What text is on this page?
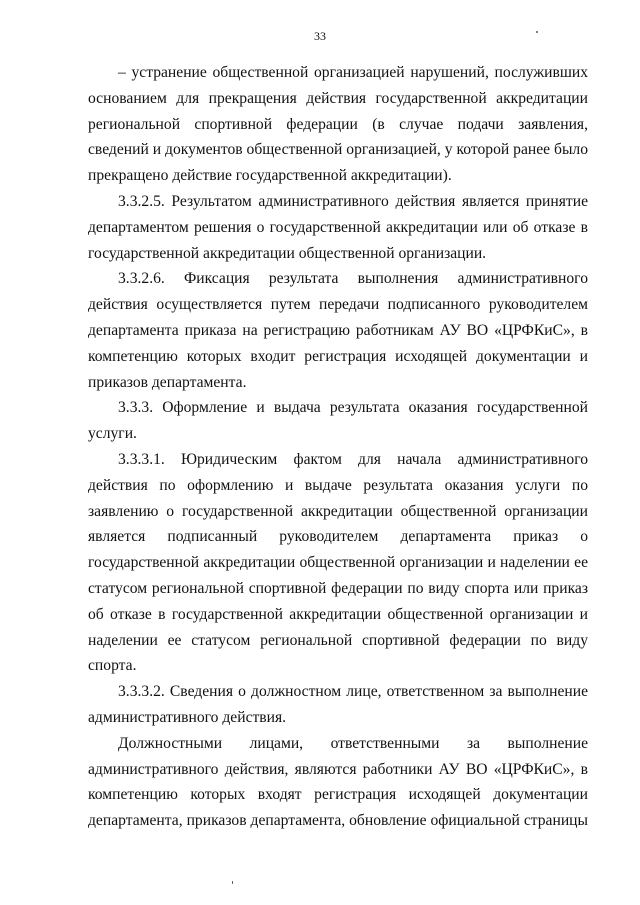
33

– устранение общественной организацией нарушений, послуживших основанием для прекращения действия государственной аккредитации региональной спортивной федерации (в случае подачи заявления, сведений и документов общественной организацией, у которой ранее было прекращено действие государственной аккредитации).

3.3.2.5. Результатом административного действия является принятие департаментом решения о государственной аккредитации или об отказе в государственной аккредитации общественной организации.

3.3.2.6. Фиксация результата выполнения административного действия осуществляется путем передачи подписанного руководителем департамента приказа на регистрацию работникам АУ ВО «ЦРФКиС», в компетенцию которых входит регистрация исходящей документации и приказов департамента.

3.3.3. Оформление и выдача результата оказания государственной услуги.

3.3.3.1. Юридическим фактом для начала административного действия по оформлению и выдаче результата оказания услуги по заявлению о государственной аккредитации общественной организации является подписанный руководителем департамента приказ о государственной аккредитации общественной организации и наделении ее статусом региональной спортивной федерации по виду спорта или приказ об отказе в государственной аккредитации общественной организации и наделении ее статусом региональной спортивной федерации по виду спорта.

3.3.3.2. Сведения о должностном лице, ответственном за выполнение административного действия.

Должностными лицами, ответственными за выполнение административного действия, являются работники АУ ВО «ЦРФКиС», в компетенцию которых входят регистрация исходящей документации департамента, приказов департамента, обновление официальной страницы
